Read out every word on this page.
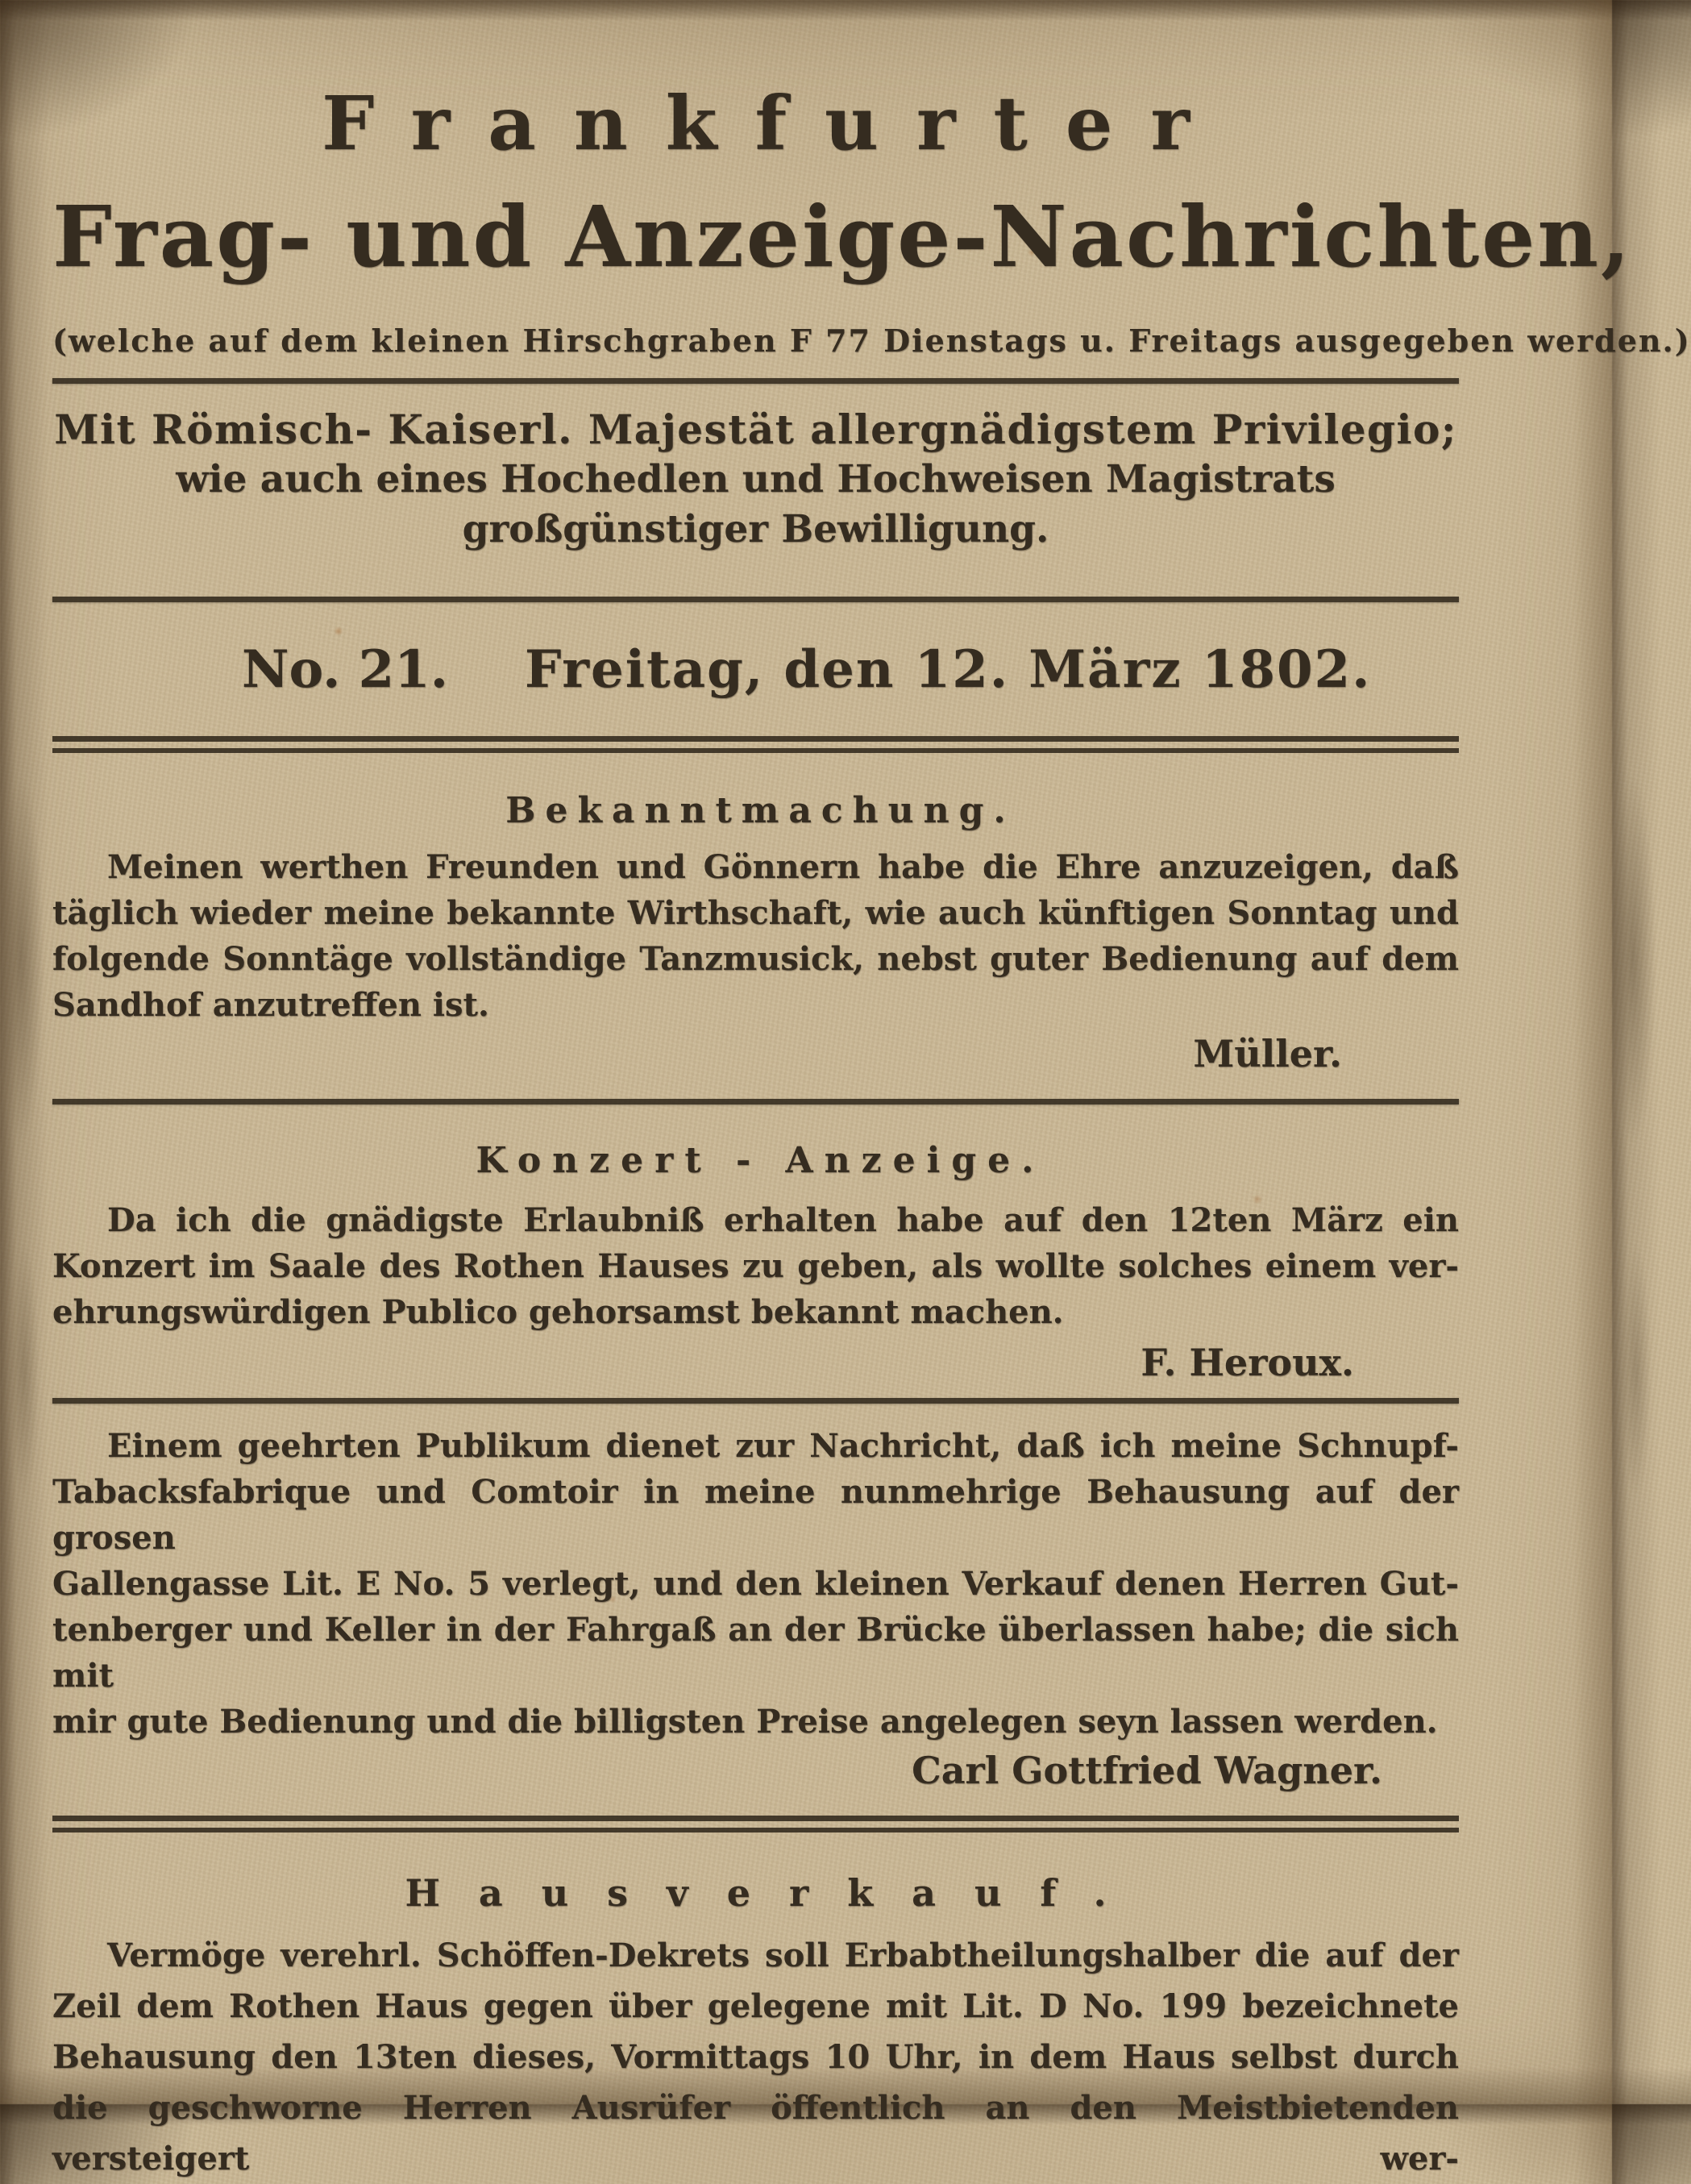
Frankfurter
Frag- und Anzeige-Nachrichten,
(welche auf dem kleinen Hirschgraben F 77 Dienstags u. Freitags ausgegeben werden.)
Mit Römisch- Kaiserl. Majestät allergnädigstem Privilegio;
wie auch eines Hochedlen und Hochweisen Magistrats großgünstiger Bewilligung.
No. 21. Freitag, den 12. März 1802.
Bekanntmachung.
Meinen werthen Freunden und Gönnern habe die Ehre anzuzeigen, daß
täglich wieder meine bekannte Wirthschaft, wie auch künftigen Sonntag und
folgende Sonntäge vollständige Tanzmusick, nebst guter Bedienung auf dem
Sandhof anzutreffen ist.
Müller.
Konzert - Anzeige.
Da ich die gnädigste Erlaubniß erhalten habe auf den 12ten März ein
Konzert im Saale des Rothen Hauses zu geben, als wollte solches einem ver-
ehrungswürdigen Publico gehorsamst bekannt machen.
F. Heroux.
Einem geehrten Publikum dienet zur Nachricht, daß ich meine Schnupf-
Tabacksfabrique und Comtoir in meine nunmehrige Behausung auf der grosen
Gallengasse Lit. E No. 5 verlegt, und den kleinen Verkauf denen Herren Gut-
tenberger und Keller in der Fahrgaß an der Brücke überlassen habe; die sich mit
mir gute Bedienung und die billigsten Preise angelegen seyn lassen werden.
Carl Gottfried Wagner.
Hausverkauf.
Vermöge verehrl. Schöffen-Dekrets soll Erbabtheilungshalber die auf der
Zeil dem Rothen Haus gegen über gelegene mit Lit. D No. 199 bezeichnete
Behausung den 13ten dieses, Vormittags 10 Uhr, in dem Haus selbst durch
die geschworne Herren Ausrüfer öffentlich an den Meistbietenden versteigert wer-
